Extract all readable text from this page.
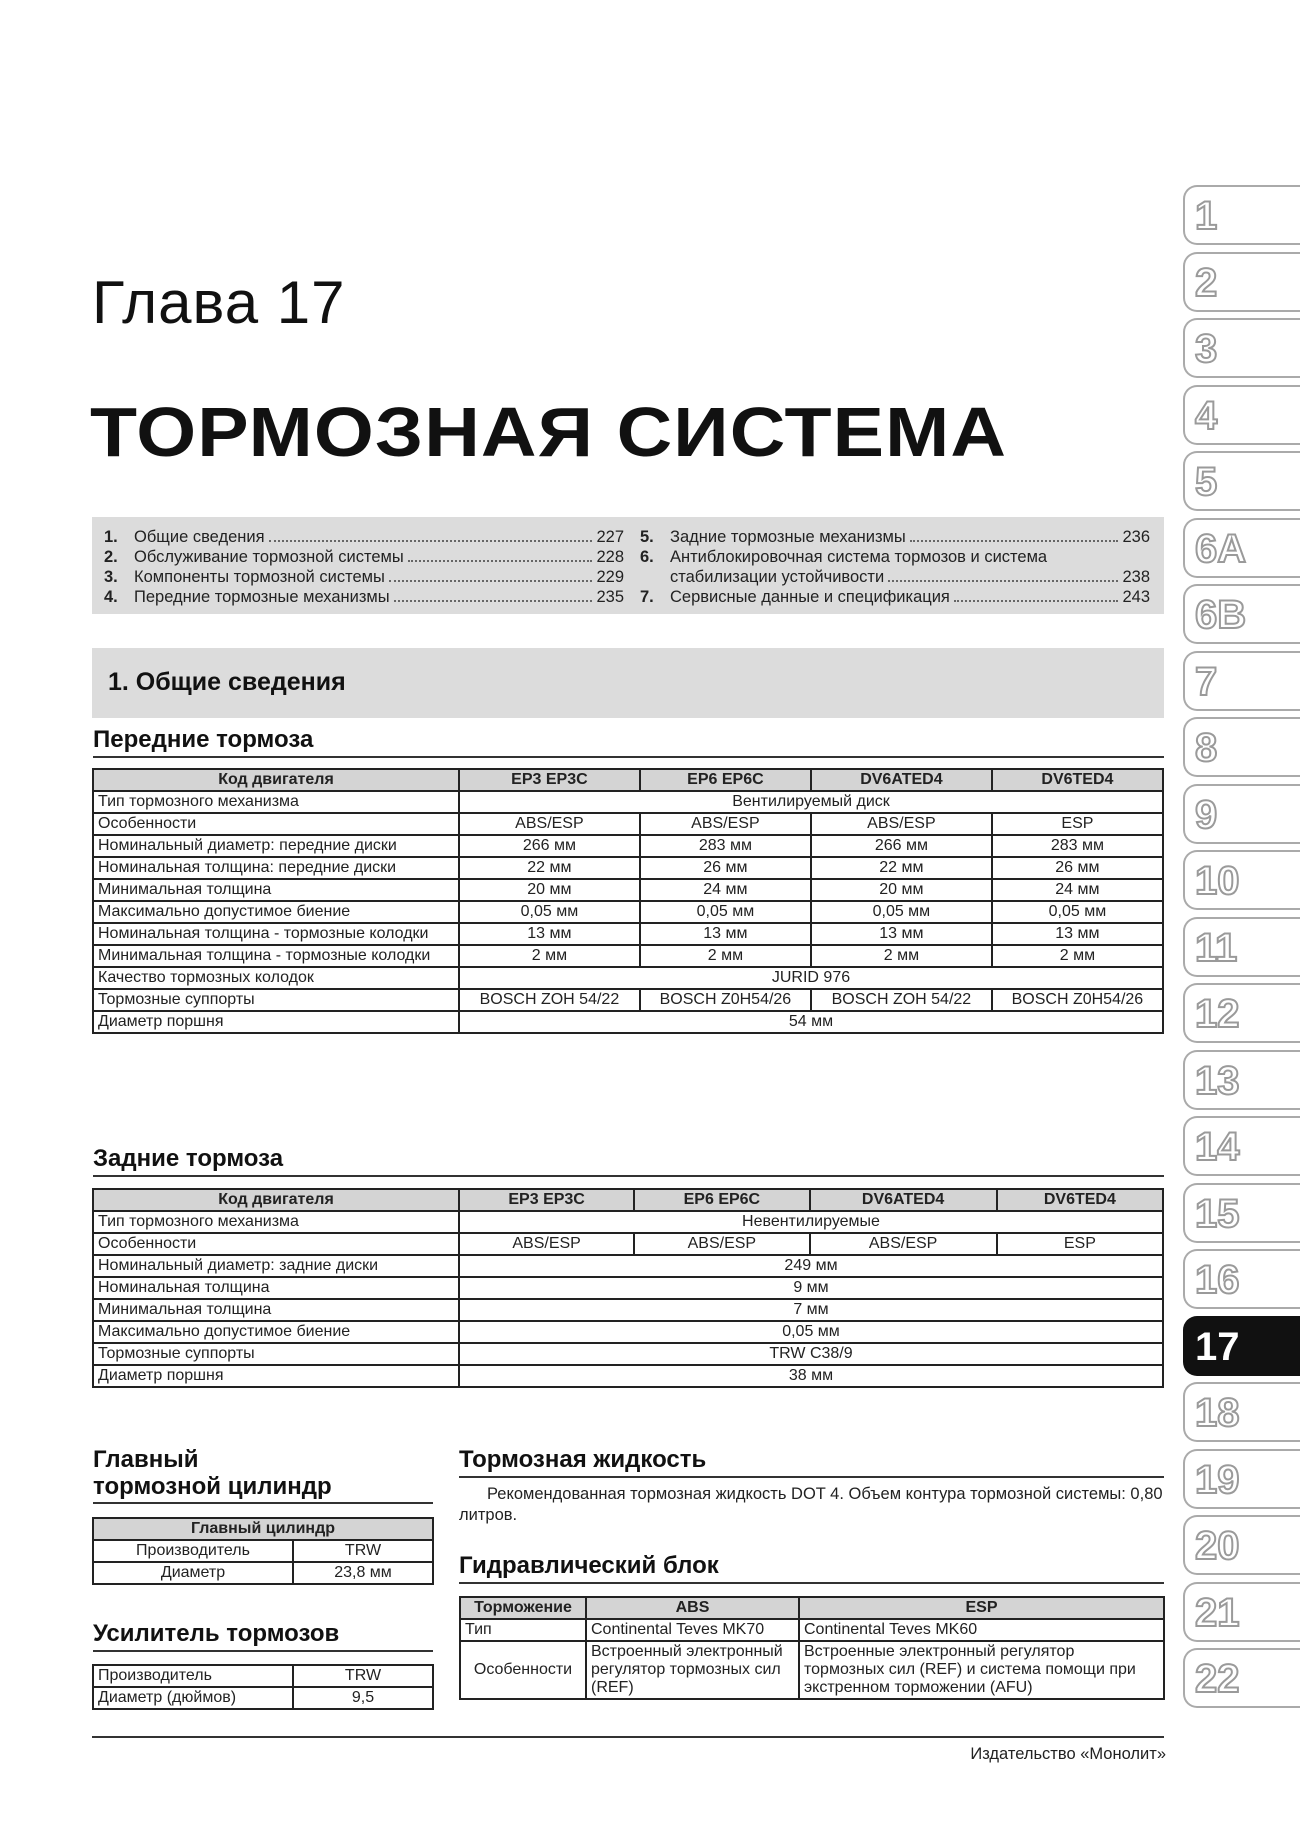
Глава 17
ТОРМОЗНАЯ СИСТЕМА
1. Общие сведения	227
2. Обслуживание тормозной системы	228
3. Компоненты тормозной системы	229
4. Передние тормозные механизмы	235
5. Задние тормозные механизмы	236
6. Антиблокировочная система тормозов и система
стабилизации устойчивости	238
7. Сервисные данные и спецификация	243
1. Общие сведения
Передние тормоза
Код двигателя	EP3 EP3C	EP6 EP6C	DV6ATED4	DV6TED4
Тип тормозного механизма	Вентилируемый диск			
Особенности	ABS/ESP	ABS/ESP	ABS/ESP	ESP
Номинальный диаметр: передние диски	266 мм	283 мм	266 мм	283 мм
Номинальная толщина: передние диски	22 мм	26 мм	22 мм	26 мм
Минимальная толщина	20 мм	24 мм	20 мм	24 мм
Максимально допустимое биение	0,05 мм	0,05 мм	0,05 мм	0,05 мм
Номинальная толщина - тормозные колодки	13 мм	13 мм	13 мм	13 мм
Минимальная толщина - тормозные колодки	2 мм	2 мм	2 мм	2 мм
Качество тормозных колодок	JURID 976			
Тормозные суппорты	BOSCH ZOH 54/22	BOSCH Z0H54/26	BOSCH ZOH 54/22	BOSCH Z0H54/26
Диаметр поршня	54 мм			
Задние тормоза
Код двигателя	EP3 EP3C	EP6 EP6C	DV6ATED4	DV6TED4
Тип тормозного механизма	Невентилируемые			
Особенности	ABS/ESP	ABS/ESP	ABS/ESP	ESP
Номинальный диаметр: задние диски	249 мм			
Номинальная толщина	9 мм			
Минимальная толщина	7 мм			
Максимально допустимое биение	0,05 мм			
Тормозные суппорты	TRW C38/9			
Диаметр поршня	38 мм			
Главный
тормозной цилиндр
Главный цилиндр	
Производитель	TRW
Диаметр	23,8 мм
Усилитель тормозов
Производитель	TRW
Диаметр (дюймов)	9,5
Тормозная жидкость
Рекомендованная тормозная жидкость DOT 4. Объем контура тормозной системы: 0,80 литров.
Гидравлический блок
Торможение	ABS	ESP
Тип	Continental Teves MK70	Continental Teves MK60
Особенности	Встроенный электронный регулятор тормозных сил (REF)	Встроенные электронный регулятор тормозных сил (REF) и система помощи при экстренном торможении (AFU)
Издательство «Монолит»
1
2
3
4
5
6A
6B
7
8
9
10
11
12
13
14
15
16
17
18
19
20
21
22
